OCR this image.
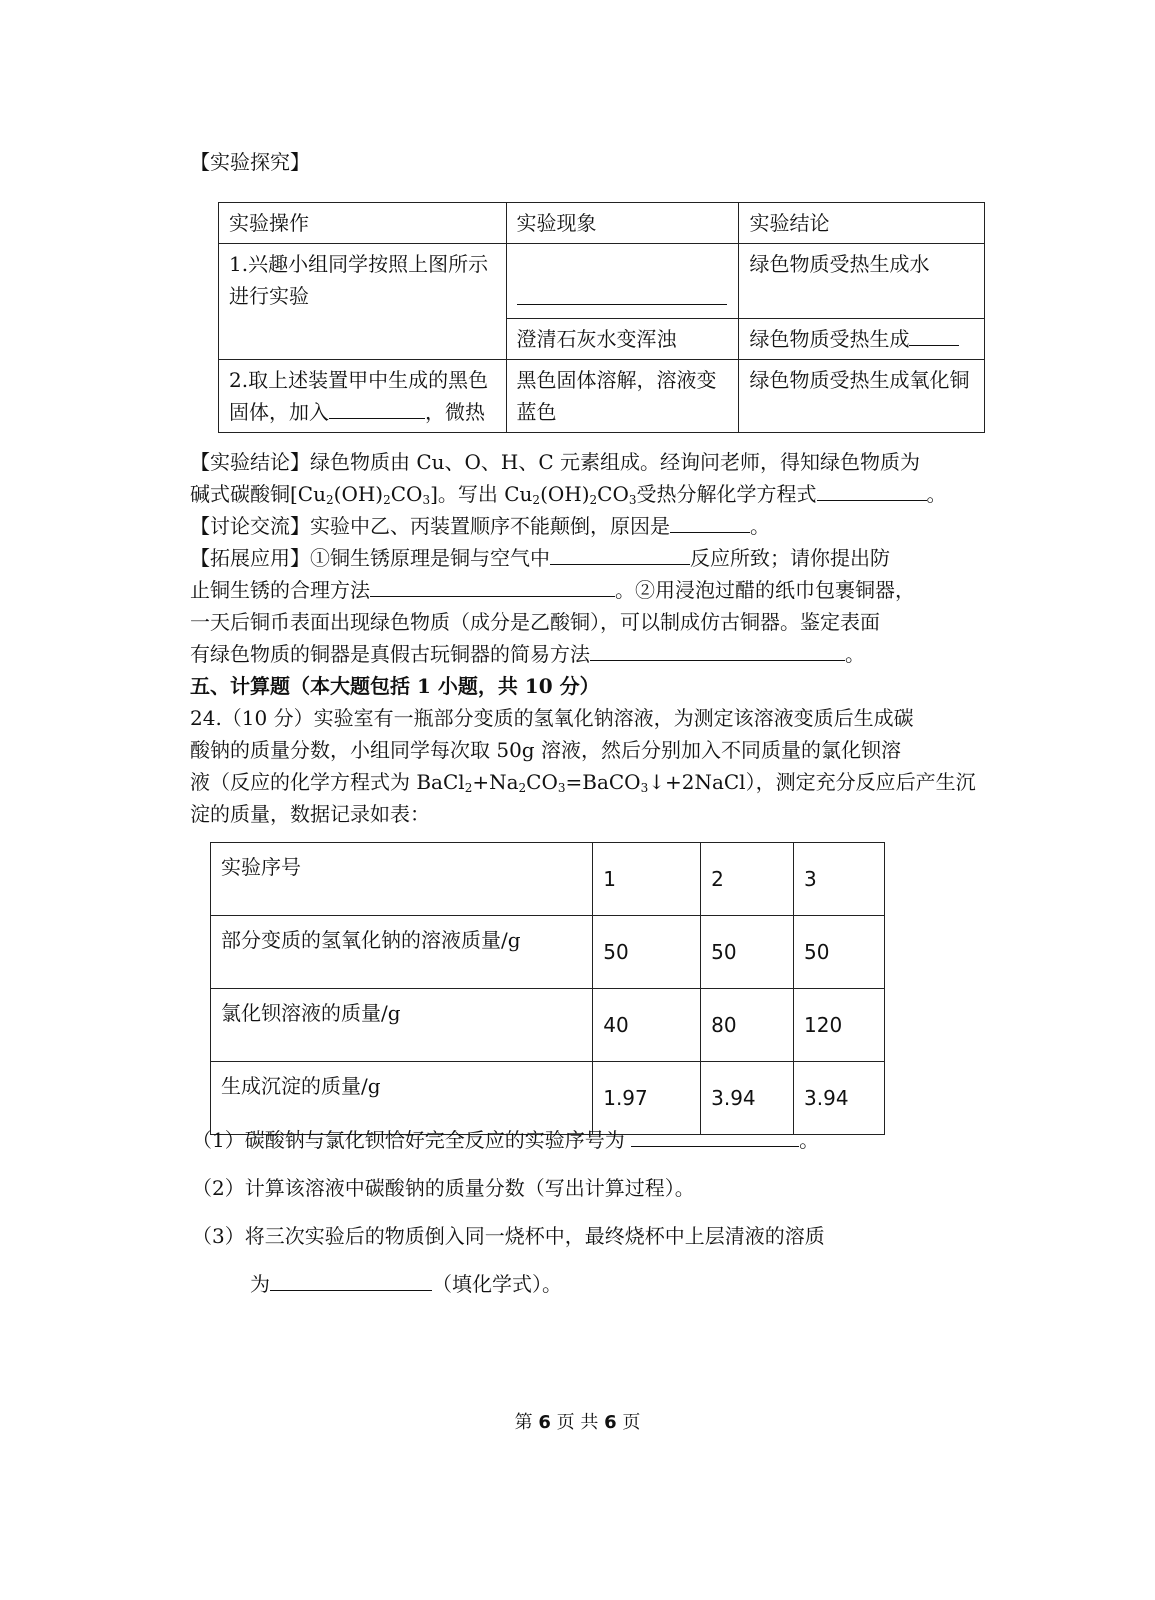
【实验探究】
实验操作	实验现象	实验结论
1.兴趣小组同学按照上图所示进行实验		绿色物质受热生成水
	澄清石灰水变浑浊	绿色物质受热生成
2.取上述装置甲中生成的黑色固体，加入 ，微热	黑色固体溶解，溶液变蓝色	绿色物质受热生成氧化铜
【实验结论】绿色物质由 Cu、O、H、C 元素组成。经询问老师，得知绿色物质为
碱式碳酸铜$[Cu_2(OH)_2CO_3]$。写出 $Cu_2(OH)_2CO_3$受热分解化学方程式	。
【讨论交流】实验中乙、丙装置顺序不能颠倒，原因是	。
【拓展应用】①铜生锈原理是铜与空气中	反应所致；请你提出防
止铜生锈的合理方法	。②用浸泡过醋的纸巾包裹铜器，
一天后铜币表面出现绿色物质（成分是乙酸铜），可以制成仿古铜器。鉴定表面
有绿色物质的铜器是真假古玩铜器的简易方法	。
五、计算题（本大题包括 1 小题，共 10 分）
24.（10 分）实验室有一瓶部分变质的氢氧化钠溶液，为测定该溶液变质后生成碳
酸钠的质量分数，小组同学每次取 50g 溶液，然后分别加入不同质量的氯化钡溶
液（反应的化学方程式为 $BaCl_2+Na_2CO_3=BaCO_3↓+2NaCl$），测定充分反应后产生沉
淀的质量，数据记录如表：
实验序号	1	2	3
部分变质的氢氧化钠的溶液质量/g	50	50	50
氯化钡溶液的质量/g	40	80	120
生成沉淀的质量/g	1.97	3.94	3.94
（1）碳酸钠与氯化钡恰好完全反应的实验序号为	。
（2）计算该溶液中碳酸钠的质量分数（写出计算过程）。
（3）将三次实验后的物质倒入同一烧杯中，最终烧杯中上层清液的溶质
为	（填化学式）。
第 6 页 共 6 页
